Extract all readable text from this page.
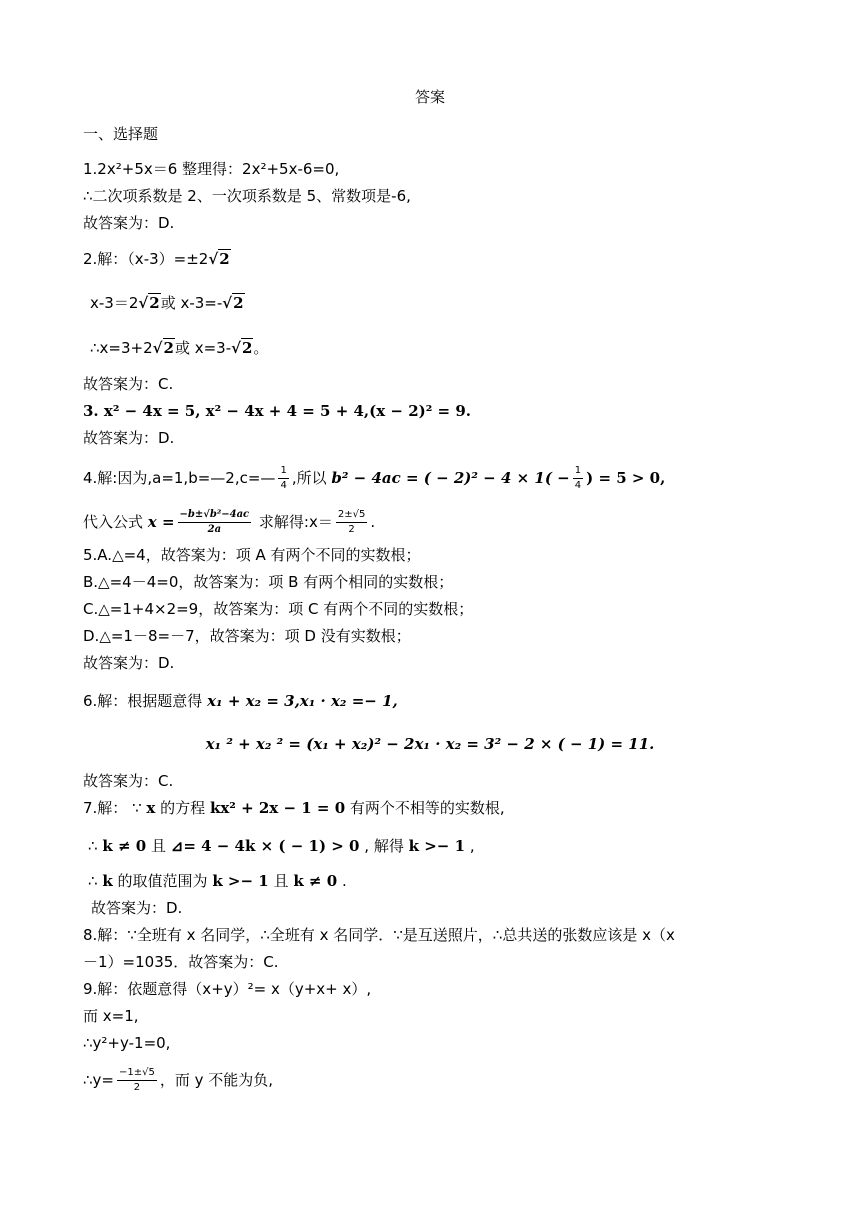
答案
一、选择题
1.2x²+5x＝6 整理得：2x²+5x-6=0,
∴二次项系数是 2、一次项系数是 5、常数项是-6,
故答案为：D.
2.解：（x-3）=±2√2
x-3＝2√2或 x-3=-√2
∴x=3+2√2或 x=3-√2。
故答案为：C.
3. x² − 4x = 5, x² − 4x + 4 = 5 + 4,(x − 2)² = 9.
故答案为：D.
4.解:因为,a=1,b=—2,c=— $\frac{1}{4}$ ,所以 b² − 4ac = ( − $2)^2 - 4 \times 1( - \frac{1}{4}$ ) = 5 > 0,
代入公式 $x = \frac{\text{−b±√b²−4ac}}{2a}$ 求解得:x＝ $\frac{2\pm√5}{2}$ .
5.A.△=4，故答案为：项 A 有两个不同的实数根；
B.△=4－4=0，故答案为：项 B 有两个相同的实数根；
C.△=1+4×2=9，故答案为：项 C 有两个不同的实数根；
D.△=1－8=－7，故答案为：项 D 没有实数根；
故答案为：D.
6.解：根据题意得 x₁ + x₂ = 3,x₁ · x₂ =− 1,
x₁ ² + x₂ ² = (x₁ + x₂)² − 2x₁ · x₂ = 3² − 2 × ( − 1) = 11.
故答案为：C.
7.解： ∵ x 的方程 kx² + 2x − 1 = 0 有两个不相等的实数根,
∴ k ≠ 0 且 ⊿= 4 − 4k × ( − 1) > 0 , 解得 k >− 1 ,
∴ k 的取值范围为 k >− 1 且 k ≠ 0 .
故答案为：D.
8.解：∵全班有 x 名同学，∴全班有 x 名同学．∵是互送照片，∴总共送的张数应该是 x（x
－1）=1035．故答案为：C.
9.解：依题意得（x+y）²= x（y+x+ x）,
而 x=1,
∴y²+y-1=0,
∴y= $\frac{-1\pm√5}{2}$ ，而 y 不能为负,
